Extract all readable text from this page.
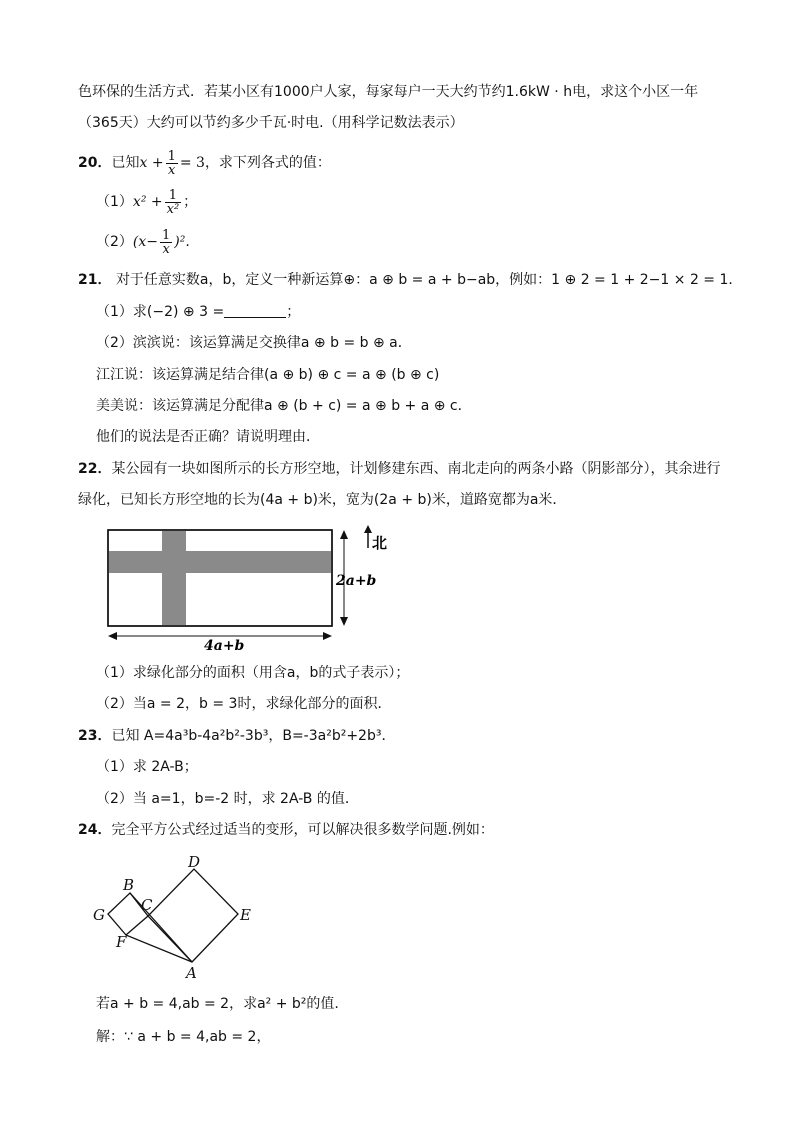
色环保的生活方式．若某小区有1000户人家，每家每户一天大约节约1.6kW · h电，求这个小区一年
（365天）大约可以节约多少千瓦·时电.（用科学记数法表示）
20．已知$x + \frac{1}{x} = 3$，求下列各式的值：
$(1)x^2 + \frac{1}{\text{x²}}$ ；
$(2)(x- \frac{1}{x} )^2$.
21． 对于任意实数a，b，定义一种新运算⊕：a ⊕ b = a + b−ab，例如：1 ⊕ 2 = 1 + 2−1 × 2 = 1．
（1）求(−2) ⊕ 3 =	；
（2）滨滨说：该运算满足交换律a ⊕ b = b ⊕ a．
江江说：该运算满足结合律(a ⊕ b) ⊕ c = a ⊕ (b ⊕ c)
美美说：该运算满足分配律a ⊕ (b + c) = a ⊕ b + a ⊕ c．
他们的说法是否正确？请说明理由．
22．某公园有一块如图所示的长方形空地，计划修建东西、南北走向的两条小路（阴影部分），其余进行
绿化，已知长方形空地的长为(4a + b)米，宽为(2a + b)米，道路宽都为a米．
北
2a+b
4a+b
（1）求绿化部分的面积（用含a，b的式子表示）；
（2）当a = 2，b = 3时，求绿化部分的面积．
23．已知 A=4a³b-4a²b²-3b³，B=-3a²b²+2b³．
（1）求 2A-B；
（2）当 a=1，b=-2 时，求 2A-B 的值．
24．完全平方公式经过适当的变形，可以解决很多数学问题.例如：
D
B
C
G	E
F
A
若a + b = 4,ab = 2，求a² + b²的值.
解：∵ a + b = 4,ab = 2，
